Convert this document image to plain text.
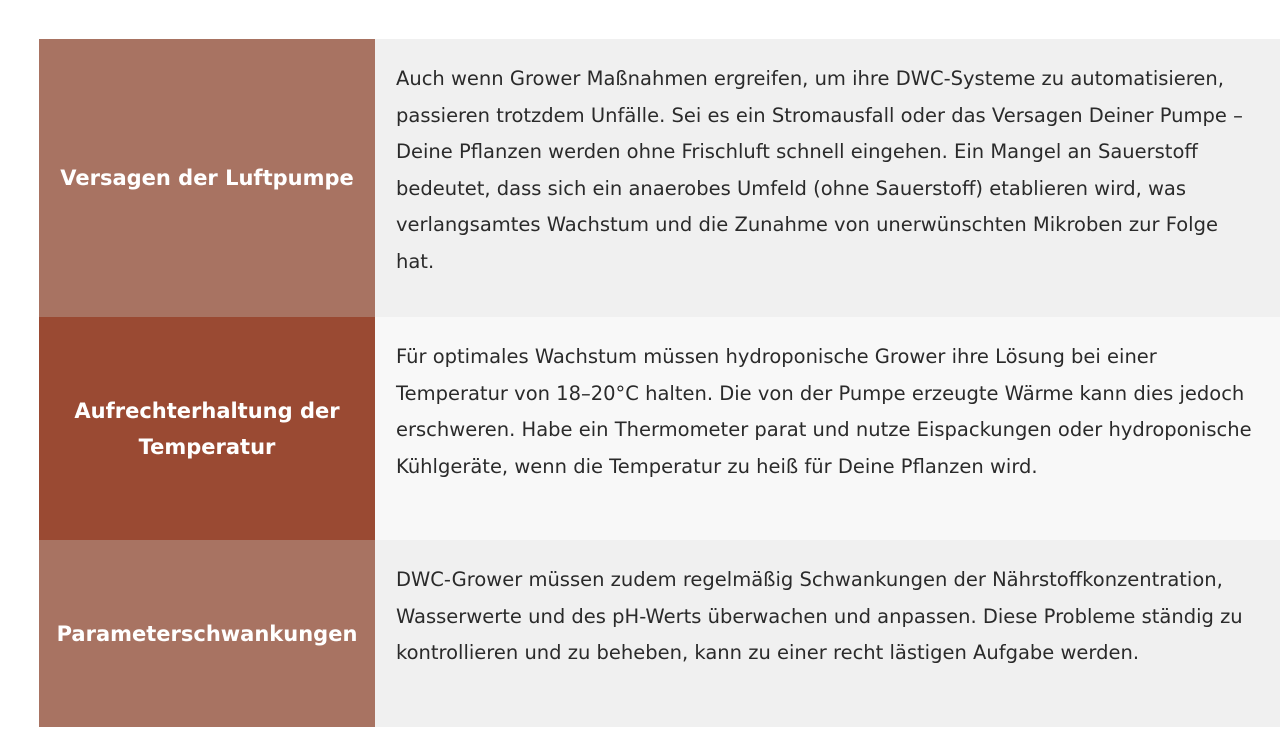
Versagen der Luftpumpe
Auch wenn Grower Maßnahmen ergreifen, um ihre DWC-Systeme zu automatisieren, passieren trotzdem Unfälle. Sei es ein Stromausfall oder das Versagen Deiner Pumpe – Deine Pflanzen werden ohne Frischluft schnell eingehen. Ein Mangel an Sauerstoff bedeutet, dass sich ein anaerobes Umfeld (ohne Sauerstoff) etablieren wird, was verlangsamtes Wachstum und die Zunahme von unerwünschten Mikroben zur Folge hat.
Aufrechterhaltung der Temperatur
Für optimales Wachstum müssen hydroponische Grower ihre Lösung bei einer Temperatur von 18–20°C halten. Die von der Pumpe erzeugte Wärme kann dies jedoch erschweren. Habe ein Thermometer parat und nutze Eispackungen oder hydroponische Kühlgeräte, wenn die Temperatur zu heiß für Deine Pflanzen wird.
Parameterschwankungen
DWC-Grower müssen zudem regelmäßig Schwankungen der Nährstoffkonzentration, Wasserwerte und des pH-Werts überwachen und anpassen. Diese Probleme ständig zu kontrollieren und zu beheben, kann zu einer recht lästigen Aufgabe werden.
